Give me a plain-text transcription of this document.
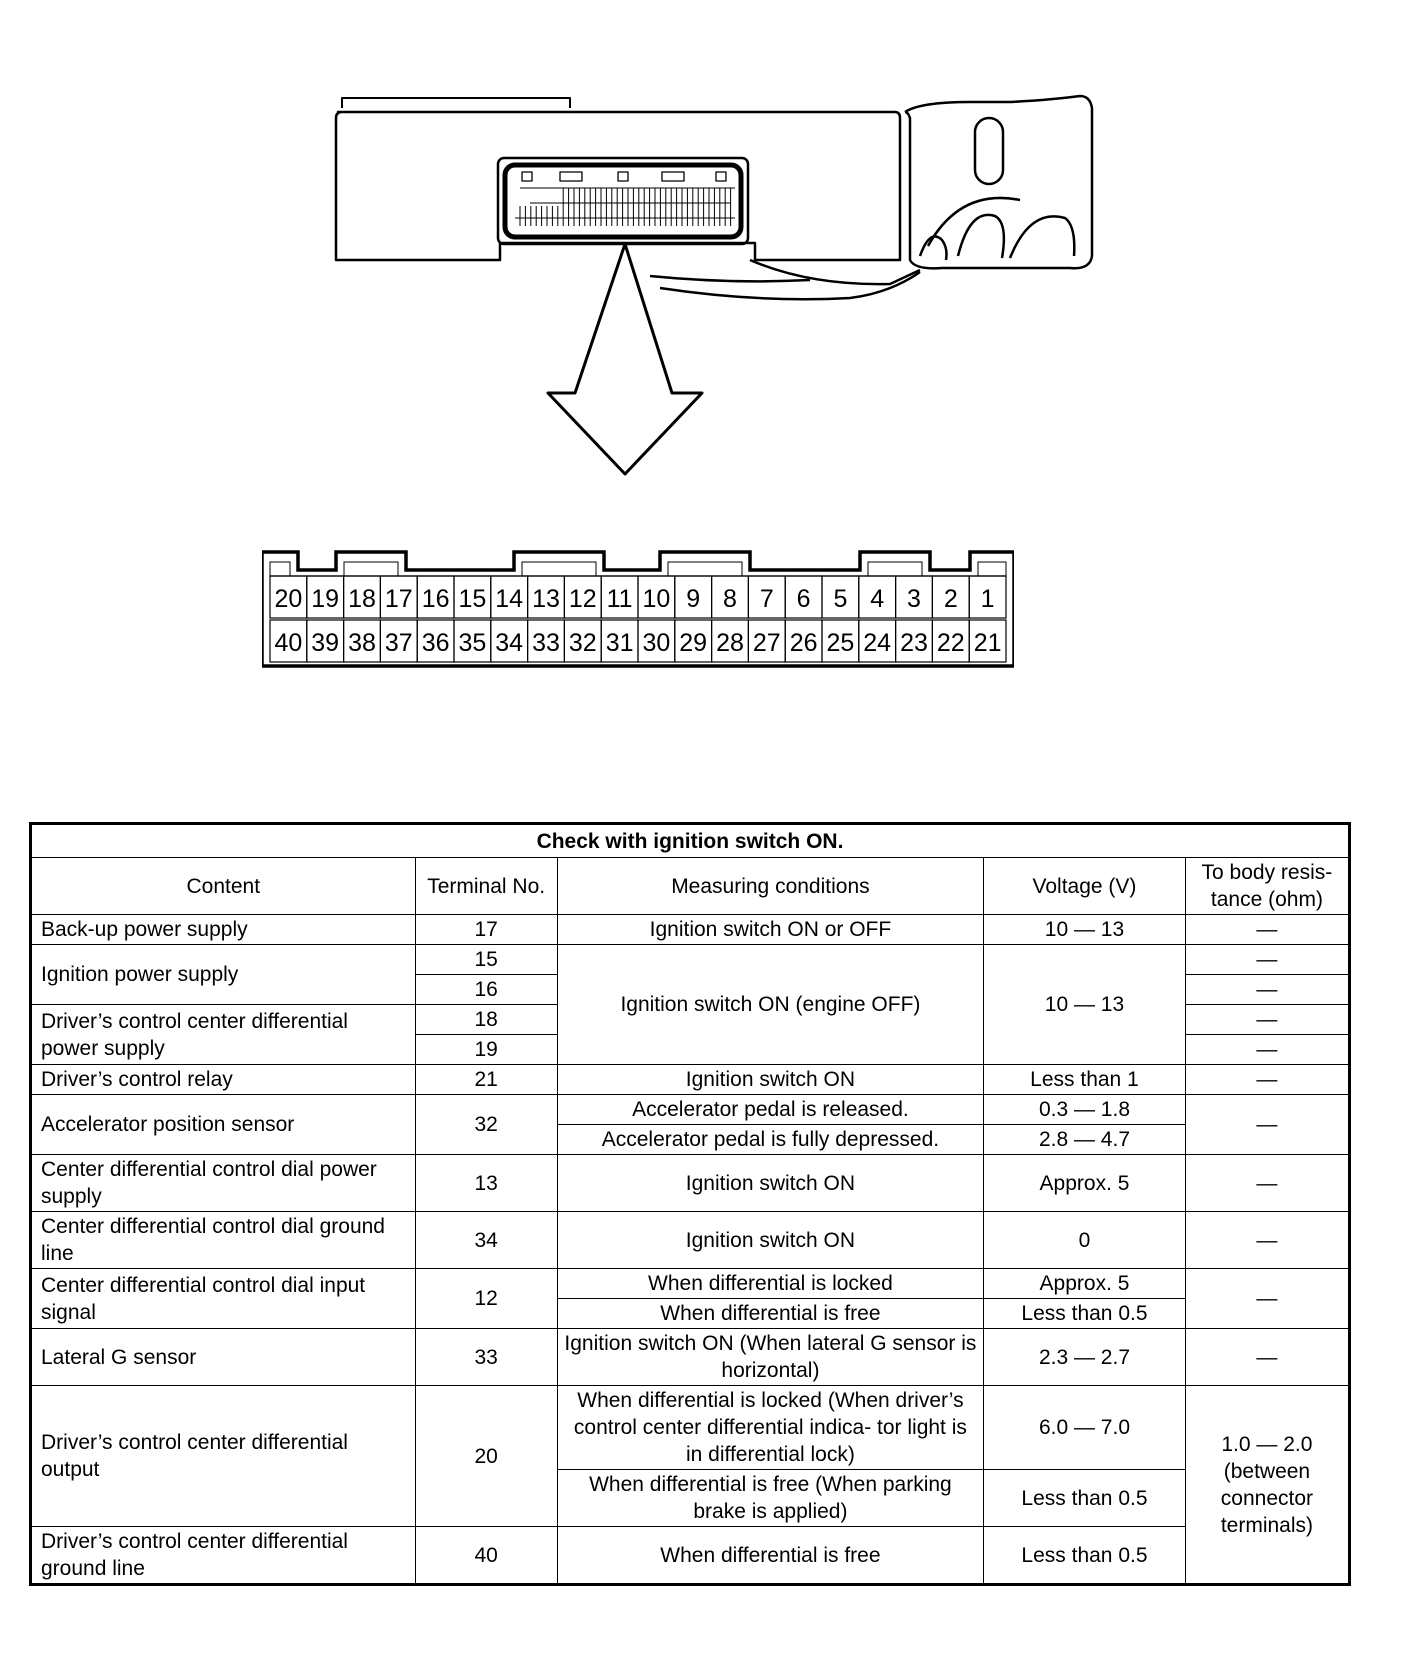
20 19 18 17 16 15 14 13 12 11 10 9 8 7 6 5 4 3 2 1
40 39 38 37 36 35 34 33 32 31 30 29 28 27 26 25 24 23 22 21
Check with ignition switch ON.				
Content	Terminal No.	Measuring conditions	Voltage (V)	To body resis- tance (ohm)
Back-up power supply	17	Ignition switch ON or OFF	10 — 13	—
Ignition power supply	15	Ignition switch ON (engine OFF)	10 — 13	—
	16			—
Driver’s control center differential power supply	18			—
	19			—
Driver’s control relay	21	Ignition switch ON	Less than 1	—
Accelerator position sensor	32	Accelerator pedal is released.	0.3 — 1.8	—
		Accelerator pedal is fully depressed.	2.8 — 4.7	
Center differential control dial power supply	13	Ignition switch ON	Approx. 5	—
Center differential control dial ground line	34	Ignition switch ON	0	—
Center differential control dial input signal	12	When differential is locked	Approx. 5	—
		When differential is free	Less than 0.5	
Lateral G sensor	33	Ignition switch ON (When lateral G sensor is horizontal)	2.3 — 2.7	—
Driver’s control center differential output	20	When differential is locked (When driver’s control center differential indica- tor light is in differential lock)	6.0 — 7.0	1.0 — 2.0 (between connector terminals)
		When differential is free (When parking brake is applied)	Less than 0.5	
Driver’s control center differential ground line	40	When differential is free	Less than 0.5	
